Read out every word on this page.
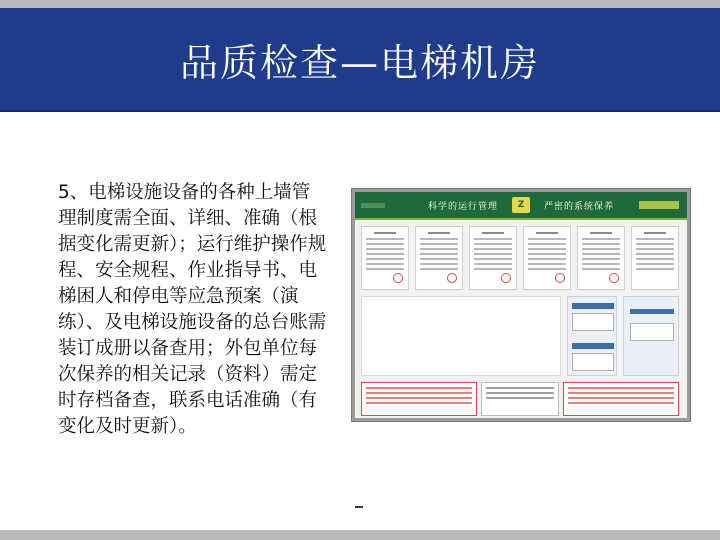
品质检查—电梯机房
5、电梯设施设备的各种上墙管理制度需全面、详细、准确（根据变化需更新）；运行维护操作规程、安全规程、作业指导书、电梯困人和停电等应急预案（演练）、及电梯设施设备的总台账需装订成册以备查用；外包单位每次保养的相关记录（资料）需定时存档备查，联系电话准确（有变化及时更新）。
科学的运行管理	Z	严密的系统保养
